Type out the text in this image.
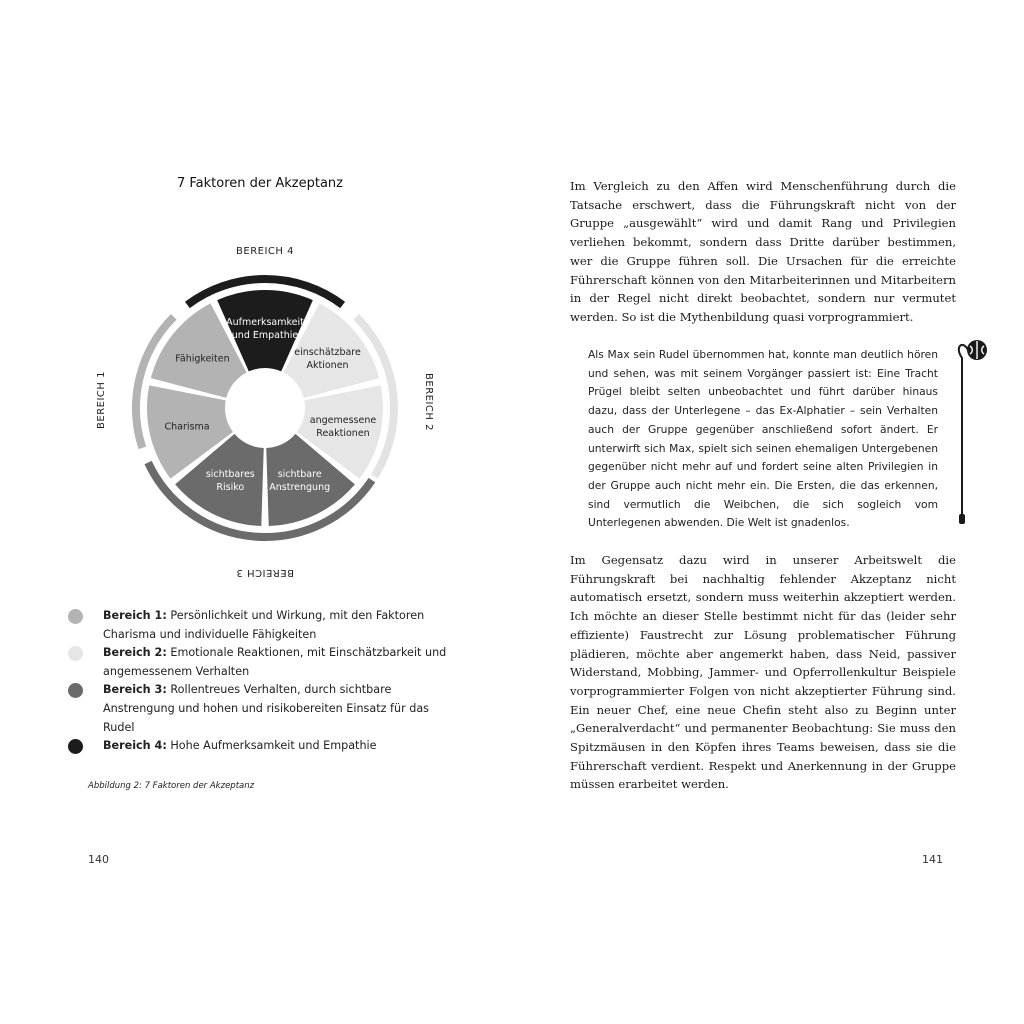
7 Faktoren der Akzeptanz
Aufmerksamkeit und Empathie
einschätzbare Aktionen
angemessene Reaktionen
sichtbare Anstrengung
sichtbares Risiko
Charisma
Fähigkeiten
BEREICH 1	BEREICH 2
BEREICH 3
BEREICH 4
Bereich 1: Persönlichkeit und Wirkung, mit den Faktoren Charisma und individuelle Fähigkeiten
Bereich 2: Emotionale Reaktionen, mit Einschätzbarkeit und angemessenem Verhalten
Bereich 3: Rollentreues Verhalten, durch sichtbare Anstrengung und hohen und risikobereiten Einsatz für das Rudel
Bereich 4: Hohe Aufmerksamkeit und Empathie
Abbildung 2: 7 Faktoren der Akzeptanz
140

Im Vergleich zu den Affen wird Menschenführung durch die Tatsache erschwert, dass die Führungskraft nicht von der Gruppe „ausgewählt“ wird und damit Rang und Privilegien verliehen bekommt, sondern dass Dritte darüber bestimmen, wer die Gruppe führen soll. Die Ursachen für die erreichte Führerschaft können von den Mitarbeiterinnen und Mitarbeitern in der Regel nicht direkt beobachtet, sondern nur vermutet werden. So ist die Mythenbildung quasi vorprogrammiert.

Als Max sein Rudel übernommen hat, konnte man deutlich hören und sehen, was mit seinem Vorgänger passiert ist: Eine Tracht Prügel bleibt selten unbeobachtet und führt darüber hinaus dazu, dass der Unterlegene – das Ex-Alphatier – sein Verhalten auch der Gruppe gegenüber anschließend sofort ändert. Er unterwirft sich Max, spielt sich seinen ehemaligen Untergebenen gegenüber nicht mehr auf und fordert seine alten Privilegien in der Gruppe auch nicht mehr ein. Die Ersten, die das erkennen, sind vermutlich die Weibchen, die sich sogleich vom Unterlegenen abwenden. Die Welt ist gnadenlos.

Im Gegensatz dazu wird in unserer Arbeitswelt die Führungskraft bei nachhaltig fehlender Akzeptanz nicht automatisch ersetzt, sondern muss weiterhin akzeptiert werden. Ich möchte an dieser Stelle bestimmt nicht für das (leider sehr effiziente) Faustrecht zur Lösung problematischer Führung plädieren, möchte aber angemerkt haben, dass Neid, passiver Widerstand, Mobbing, Jammer- und Opferrollenkultur Beispiele vorprogrammierter Folgen von nicht akzeptierter Führung sind. Ein neuer Chef, eine neue Chefin steht also zu Beginn unter „Generalverdacht“ und permanenter Beobachtung: Sie muss den Spitzmäusen in den Köpfen ihres Teams beweisen, dass sie die Führerschaft verdient. Respekt und Anerkennung in der Gruppe müssen erarbeitet werden.

141
